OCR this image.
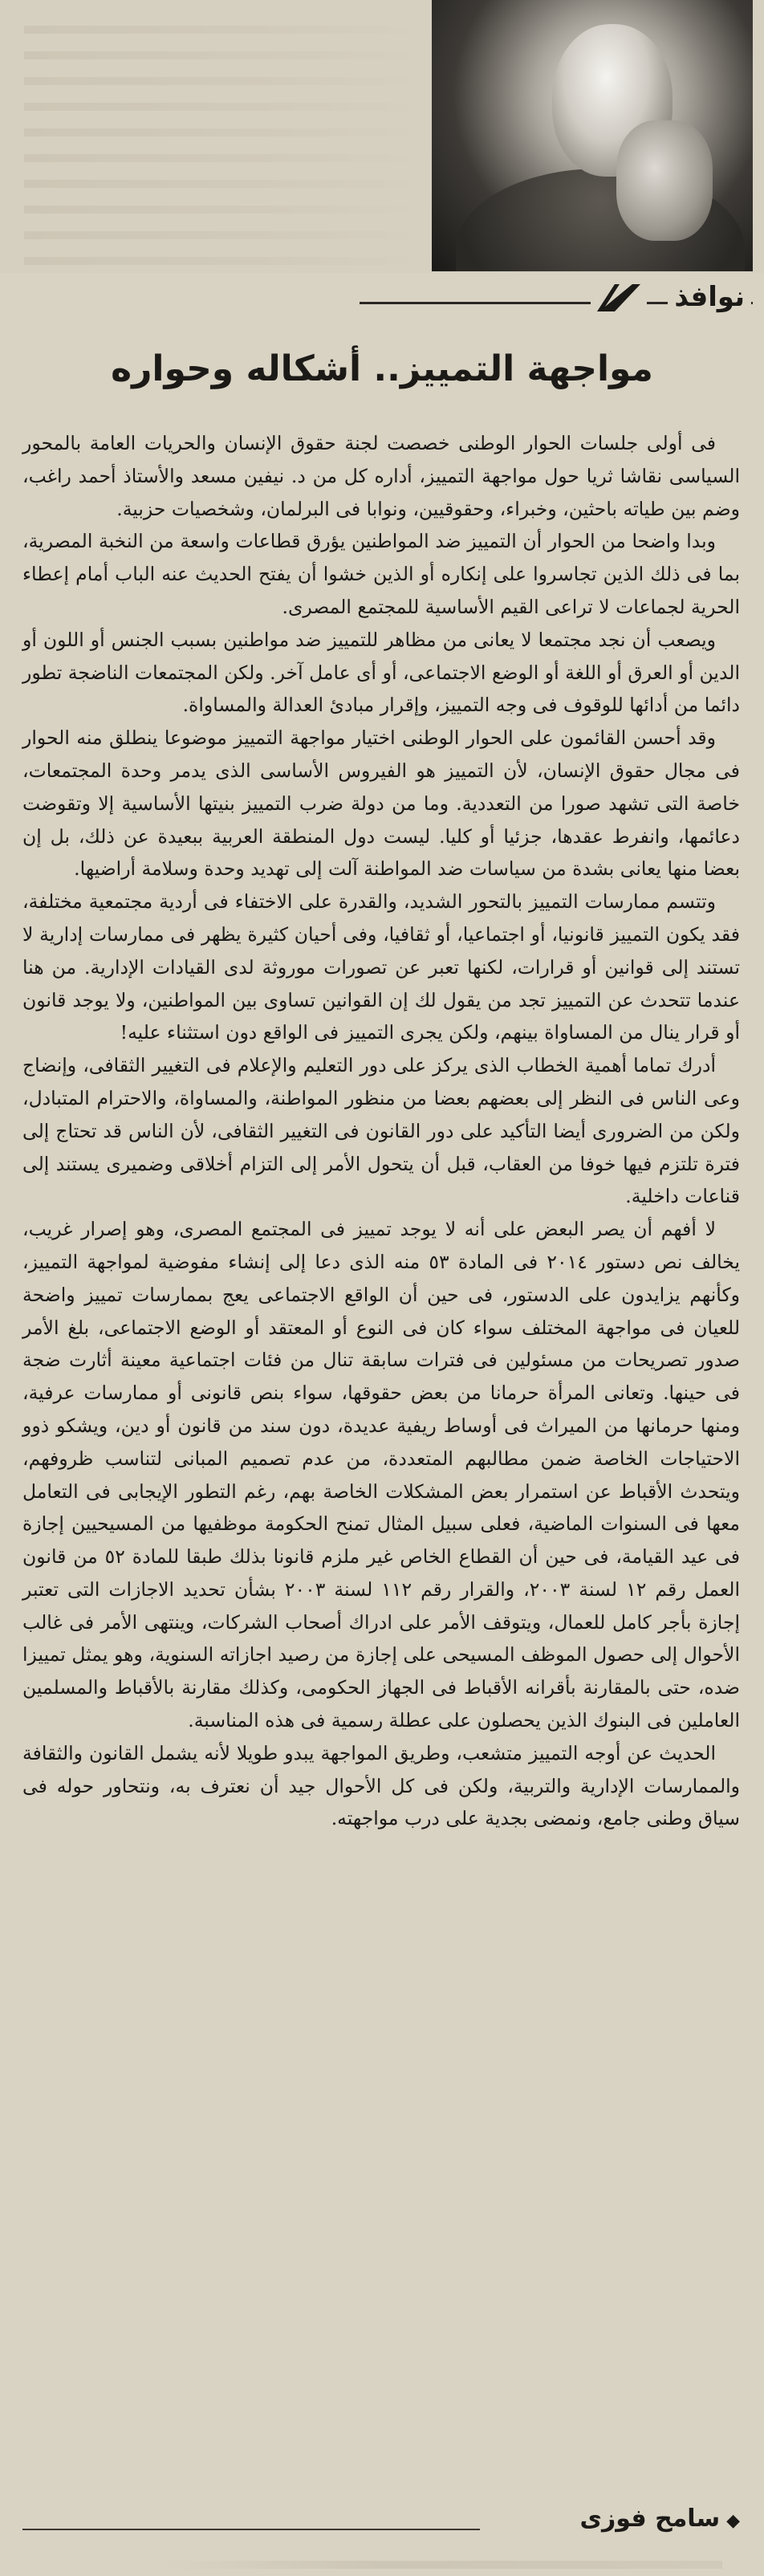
نوافذ
مواجهة التمييز.. أشكاله وحواره

فى أولى جلسات الحوار الوطنى خصصت لجنة حقوق الإنسان والحريات العامة بالمحور السياسى نقاشا ثريا حول مواجهة التمييز، أداره كل من د. نيفين مسعد والأستاذ أحمد راغب، وضم بين طياته باحثين، وخبراء، وحقوقيين، ونوابا فى البرلمان، وشخصيات حزبية.

وبدا واضحا من الحوار أن التمييز ضد المواطنين يؤرق قطاعات واسعة من النخبة المصرية، بما فى ذلك الذين تجاسروا على إنكاره أو الذين خشوا أن يفتح الحديث عنه الباب أمام إعطاء الحرية لجماعات لا تراعى القيم الأساسية للمجتمع المصرى.

ويصعب أن نجد مجتمعا لا يعانى من مظاهر للتمييز ضد مواطنين بسبب الجنس أو اللون أو الدين أو العرق أو اللغة أو الوضع الاجتماعى، أو أى عامل آخر. ولكن المجتمعات الناضجة تطور دائما من أدائها للوقوف فى وجه التمييز، وإقرار مبادئ العدالة والمساواة.

وقد أحسن القائمون على الحوار الوطنى اختيار مواجهة التمييز موضوعا ينطلق منه الحوار فى مجال حقوق الإنسان، لأن التمييز هو الفيروس الأساسى الذى يدمر وحدة المجتمعات، خاصة التى تشهد صورا من التعددية. وما من دولة ضرب التمييز بنيتها الأساسية إلا وتقوضت دعائمها، وانفرط عقدها، جزئيا أو كليا. ليست دول المنطقة العربية ببعيدة عن ذلك، بل إن بعضا منها يعانى بشدة من سياسات ضد المواطنة آلت إلى تهديد وحدة وسلامة أراضيها.

وتتسم ممارسات التمييز بالتحور الشديد، والقدرة على الاختفاء فى أردية مجتمعية مختلفة، فقد يكون التمييز قانونيا، أو اجتماعيا، أو ثقافيا، وفى أحيان كثيرة يظهر فى ممارسات إدارية لا تستند إلى قوانين أو قرارات، لكنها تعبر عن تصورات موروثة لدى القيادات الإدارية. من هنا عندما تتحدث عن التمييز تجد من يقول لك إن القوانين تساوى بين المواطنين، ولا يوجد قانون أو قرار ينال من المساواة بينهم، ولكن يجرى التمييز فى الواقع دون استثناء عليه!

أدرك تماما أهمية الخطاب الذى يركز على دور التعليم والإعلام فى التغيير الثقافى، وإنضاج وعى الناس فى النظر إلى بعضهم بعضا من منظور المواطنة، والمساواة، والاحترام المتبادل، ولكن من الضرورى أيضا التأكيد على دور القانون فى التغيير الثقافى، لأن الناس قد تحتاج إلى فترة تلتزم فيها خوفا من العقاب، قبل أن يتحول الأمر إلى التزام أخلاقى وضميرى يستند إلى قناعات داخلية.

لا أفهم أن يصر البعض على أنه لا يوجد تمييز فى المجتمع المصرى، وهو إصرار غريب، يخالف نص دستور ٢٠١٤ فى المادة ٥٣ منه الذى دعا إلى إنشاء مفوضية لمواجهة التمييز، وكأنهم يزايدون على الدستور، فى حين أن الواقع الاجتماعى يعج بممارسات تمييز واضحة للعيان فى مواجهة المختلف سواء كان فى النوع أو المعتقد أو الوضع الاجتماعى، بلغ الأمر صدور تصريحات من مسئولين فى فترات سابقة تنال من فئات اجتماعية معينة أثارت ضجة فى حينها. وتعانى المرأة حرمانا من بعض حقوقها، سواء بنص قانونى أو ممارسات عرفية، ومنها حرمانها من الميراث فى أوساط ريفية عديدة، دون سند من قانون أو دين، ويشكو ذوو الاحتياجات الخاصة ضمن مطالبهم المتعددة، من عدم تصميم المبانى لتناسب ظروفهم، ويتحدث الأقباط عن استمرار بعض المشكلات الخاصة بهم، رغم التطور الإيجابى فى التعامل معها فى السنوات الماضية، فعلى سبيل المثال تمنح الحكومة موظفيها من المسيحيين إجازة فى عيد القيامة، فى حين أن القطاع الخاص غير ملزم قانونا بذلك طبقا للمادة ٥٢ من قانون العمل رقم ١٢ لسنة ٢٠٠٣، والقرار رقم ١١٢ لسنة ٢٠٠٣ بشأن تحديد الاجازات التى تعتبر إجازة بأجر كامل للعمال، ويتوقف الأمر على ادراك أصحاب الشركات، وينتهى الأمر فى غالب الأحوال إلى حصول الموظف المسيحى على إجازة من رصيد اجازاته السنوية، وهو يمثل تمييزا ضده، حتى بالمقارنة بأقرانه الأقباط فى الجهاز الحكومى، وكذلك مقارنة بالأقباط والمسلمين العاملين فى البنوك الذين يحصلون على عطلة رسمية فى هذه المناسبة.

الحديث عن أوجه التمييز متشعب، وطريق المواجهة يبدو طويلا لأنه يشمل القانون والثقافة والممارسات الإدارية والتربية، ولكن فى كل الأحوال جيد أن نعترف به، ونتحاور حوله فى سياق وطنى جامع، ونمضى بجدية على درب مواجهته.

◆سامح فوزى
